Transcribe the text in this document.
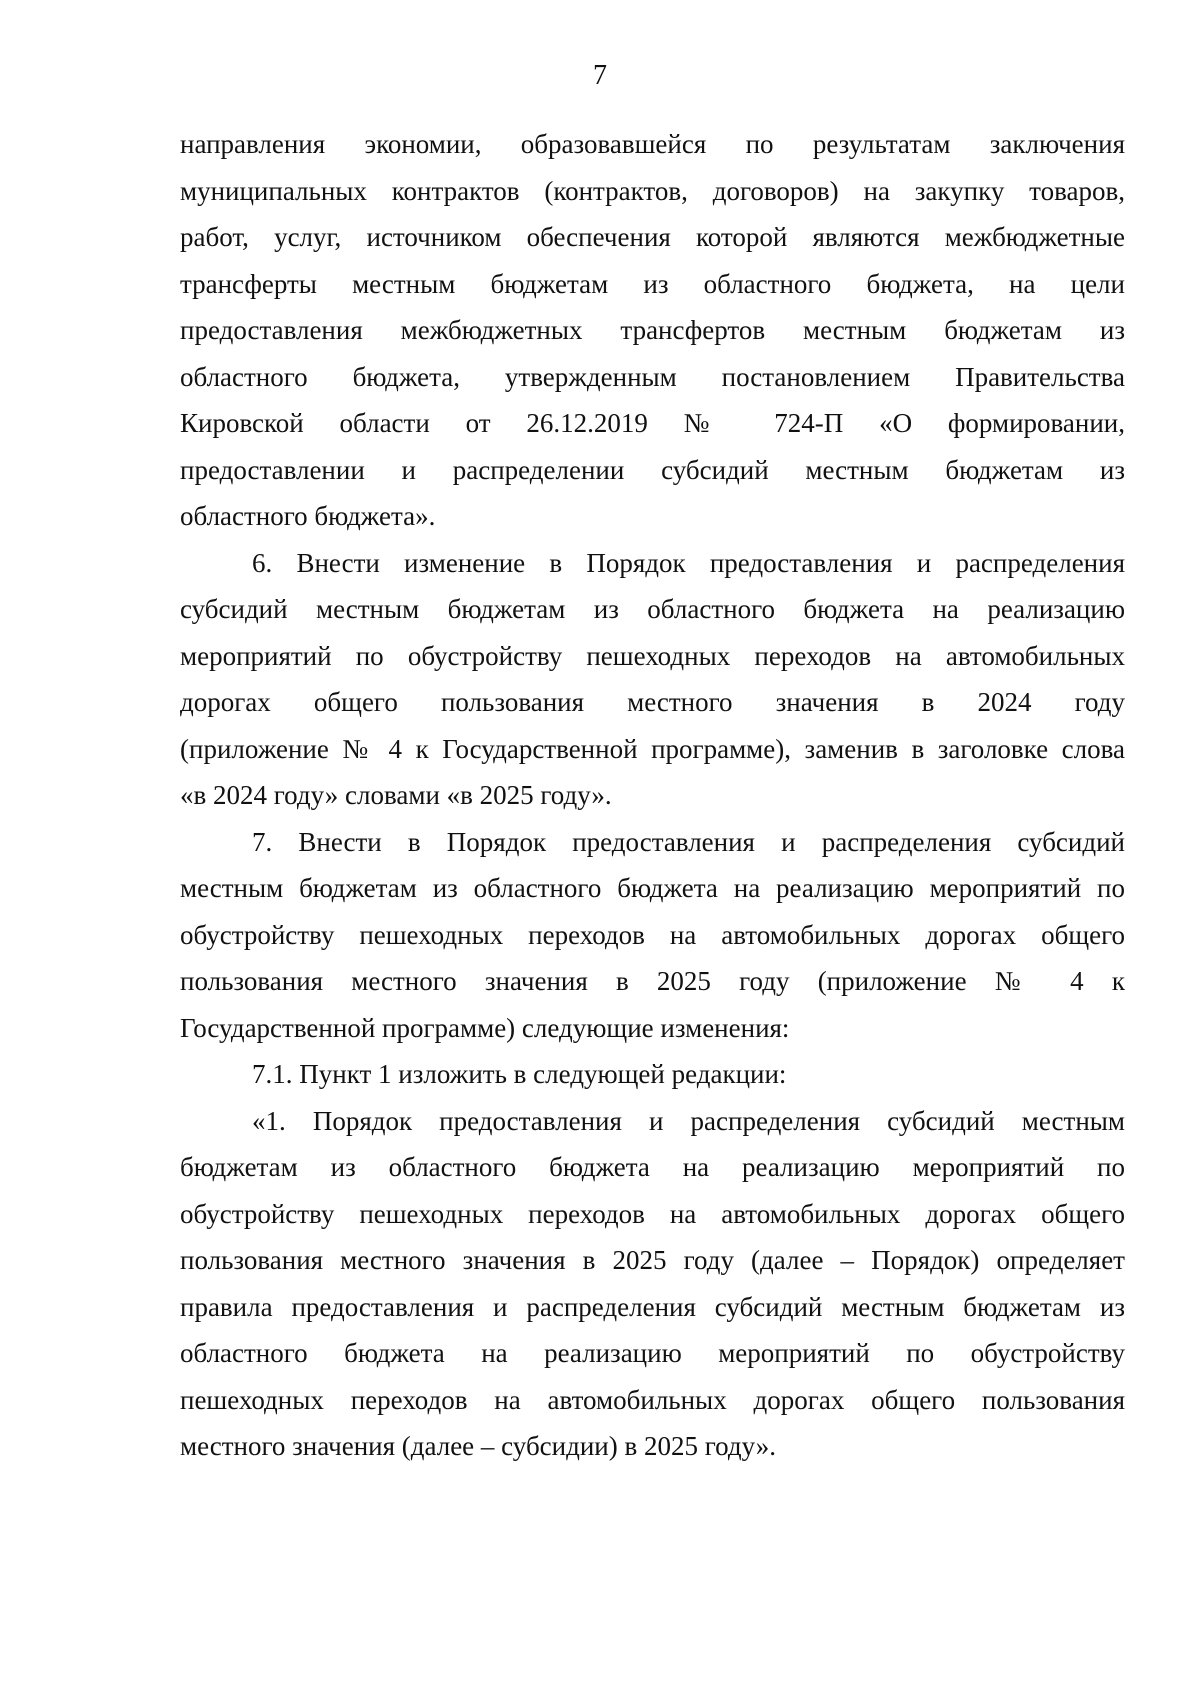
7
направления экономии, образовавшейся по результатам заключения
муниципальных контрактов (контрактов, договоров) на закупку товаров,
работ, услуг, источником обеспечения которой являются межбюджетные
трансферты местным бюджетам из областного бюджета, на цели
предоставления межбюджетных трансфертов местным бюджетам из
областного бюджета, утвержденным постановлением Правительства
Кировской области от 26.12.2019 № 724-П «О формировании,
предоставлении и распределении субсидий местным бюджетам из
областного бюджета».
6. Внести изменение в Порядок предоставления и распределения
субсидий местным бюджетам из областного бюджета на реализацию
мероприятий по обустройству пешеходных переходов на автомобильных
дорогах общего пользования местного значения в 2024 году
(приложение № 4 к Государственной программе), заменив в заголовке слова
«в 2024 году» словами «в 2025 году».
7. Внести в Порядок предоставления и распределения субсидий
местным бюджетам из областного бюджета на реализацию мероприятий по
обустройству пешеходных переходов на автомобильных дорогах общего
пользования местного значения в 2025 году (приложение № 4 к
Государственной программе) следующие изменения:
7.1. Пункт 1 изложить в следующей редакции:
«1. Порядок предоставления и распределения субсидий местным
бюджетам из областного бюджета на реализацию мероприятий по
обустройству пешеходных переходов на автомобильных дорогах общего
пользования местного значения в 2025 году (далее – Порядок) определяет
правила предоставления и распределения субсидий местным бюджетам из
областного бюджета на реализацию мероприятий по обустройству
пешеходных переходов на автомобильных дорогах общего пользования
местного значения (далее – субсидии) в 2025 году».
